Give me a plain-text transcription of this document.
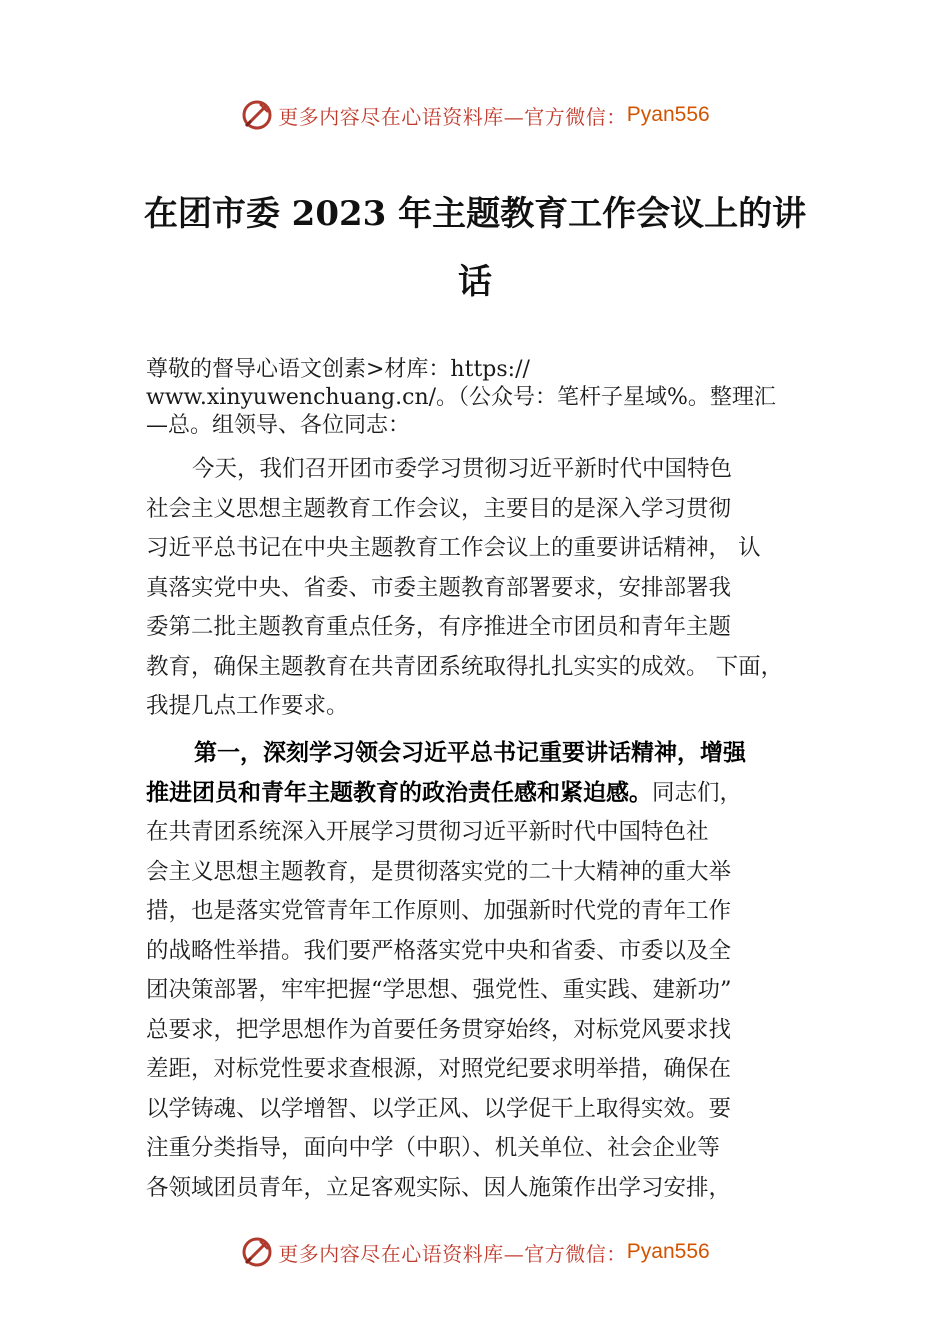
更多内容尽在心语资料库—官方微信： Pyan556
在团市委 2023 年主题教育工作会议上的讲
话
尊敬的督导心语文创素>材库：https://
www.xinyuwenchuang.cn/。（公众号：笔杆子星域%。整理汇
—总。组领导、各位同志：
今天，我们召开团市委学习贯彻习近平新时代中国特色
社会主义思想主题教育工作会议，主要目的是深入学习贯彻
习近平总书记在中央主题教育工作会议上的重要讲话精神， 认
真落实党中央、省委、市委主题教育部署要求，安排部署我
委第二批主题教育重点任务，有序推进全市团员和青年主题
教育，确保主题教育在共青团系统取得扎扎实实的成效。 下面，
我提几点工作要求。
第一，深刻学习领会习近平总书记重要讲话精神，增强
推进团员和青年主题教育的政治责任感和紧迫感。同志们，
在共青团系统深入开展学习贯彻习近平新时代中国特色社
会主义思想主题教育，是贯彻落实党的二十大精神的重大举
措，也是落实党管青年工作原则、加强新时代党的青年工作
的战略性举措。我们要严格落实党中央和省委、市委以及全
团决策部署，牢牢把握“学思想、强党性、重实践、建新功”
总要求，把学思想作为首要任务贯穿始终，对标党风要求找
差距，对标党性要求查根源，对照党纪要求明举措，确保在
以学铸魂、以学增智、以学正风、以学促干上取得实效。要
注重分类指导，面向中学（中职）、机关单位、社会企业等
各领域团员青年，立足客观实际、因人施策作出学习安排，
更多内容尽在心语资料库—官方微信： Pyan556
